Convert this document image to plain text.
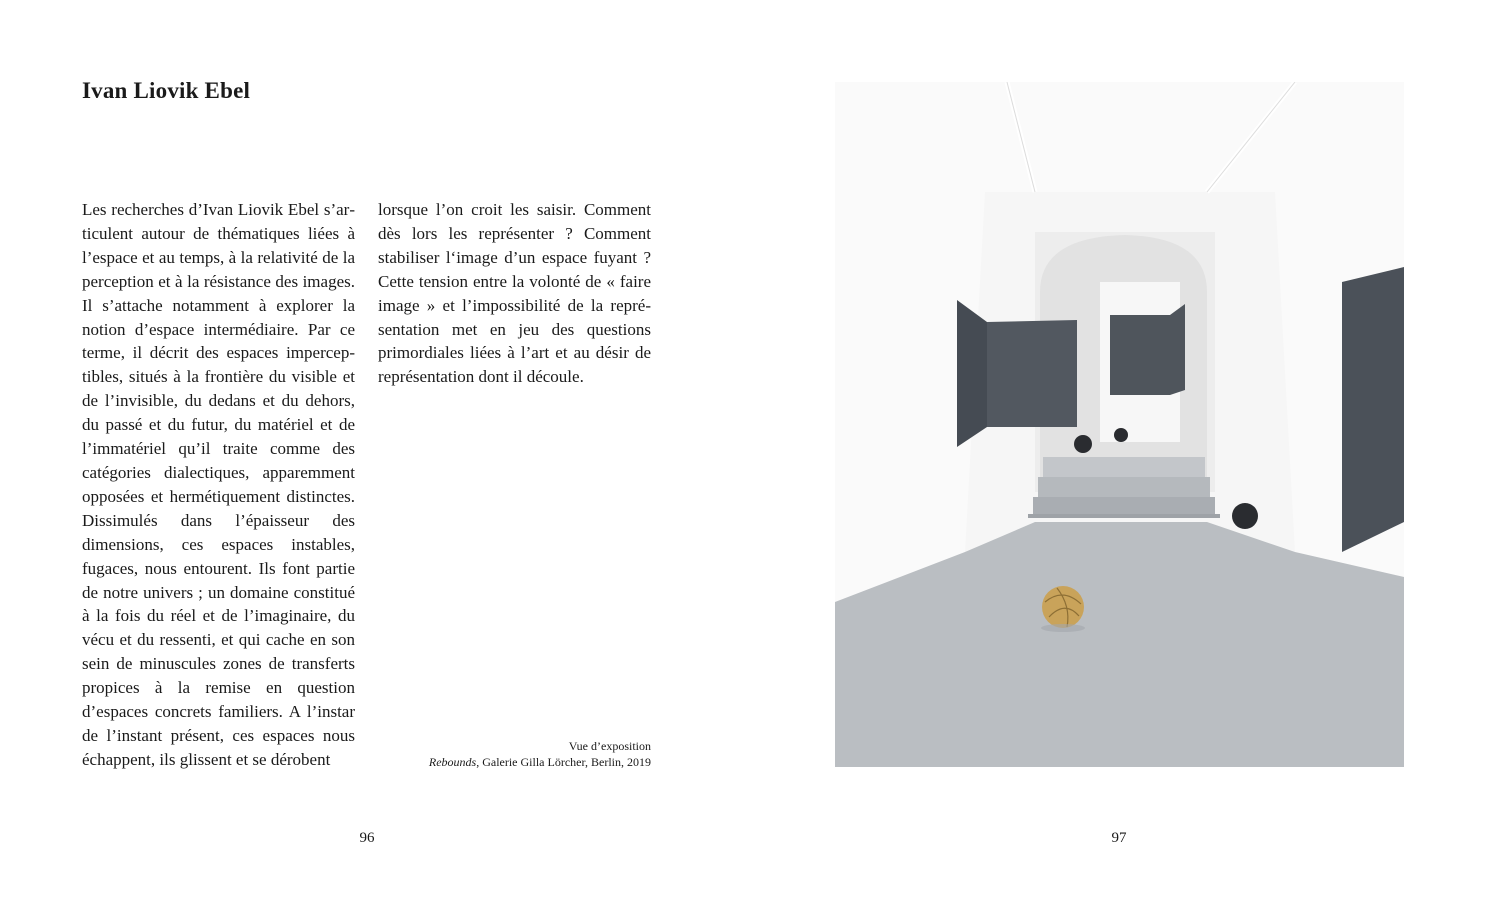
Ivan Liovik Ebel

Les recherches d’Ivan Liovik Ebel s’articulent autour de thématiques liées à l’espace et au temps, à la relativité de la perception et à la résistance des images. Il s’attache notamment à explorer la notion d’espace intermédiaire. Par ce terme, il décrit des espaces imperceptibles, situés à la frontière du visible et de l’invisible, du dedans et du dehors, du passé et du futur, du matériel et de l’immatériel qu’il traite comme des catégories dialectiques, apparemment opposées et hermétiquement distinctes. Dissimulés dans l’épaisseur des dimensions, ces espaces instables, fugaces, nous entourent. Ils font partie de notre univers ; un domaine constitué à la fois du réel et de l’imaginaire, du vécu et du ressenti, et qui cache en son sein de minuscules zones de transferts propices à la remise en question d’espaces concrets familiers. A l’instar de l’instant présent, ces espaces nous échappent, ils glissent et se dérobent

lorsque l’on croit les saisir. Comment dès lors les représenter ? Comment stabiliser l‘image d’un espace fuyant ? Cette tension entre la volonté de « faire image » et l’impossibilité de la représentation met en jeu des questions primordiales liées à l’art et au désir de représentation dont il découle.

Vue d’exposition
Rebounds, Galerie Gilla Lörcher, Berlin, 2019
96	97
